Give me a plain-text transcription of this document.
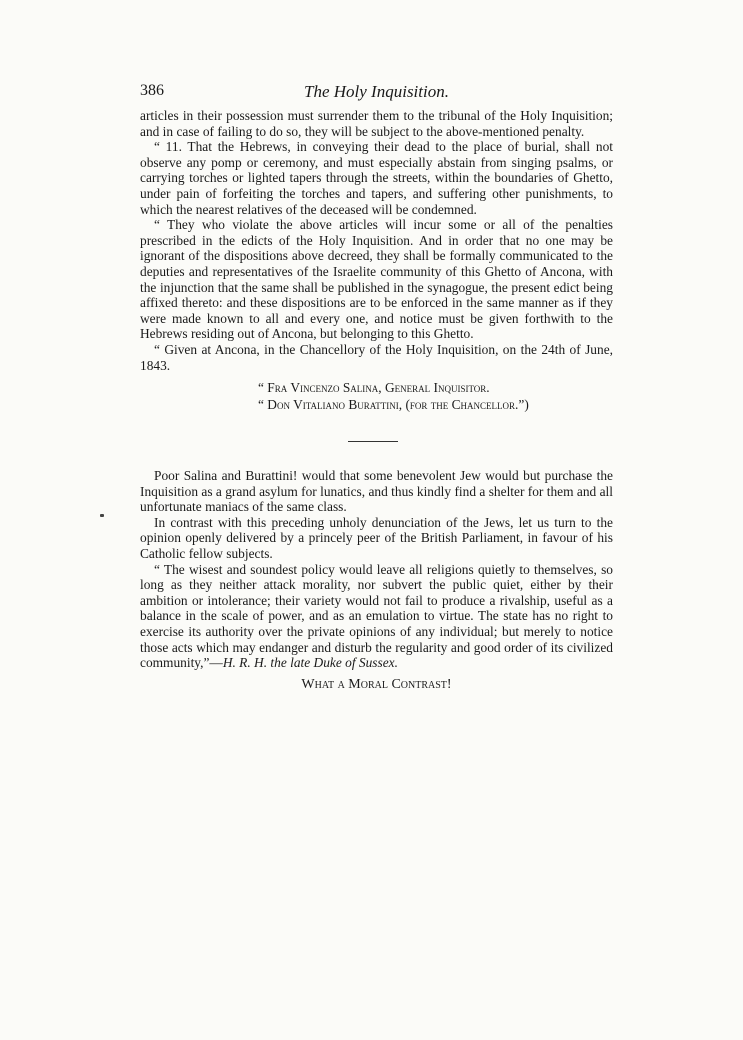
386	The Holy Inquisition.

articles in their possession must surrender them to the tribunal of the Holy Inquisition; and in case of failing to do so, they will be subject to the above-mentioned penalty.

“ 11. That the Hebrews, in conveying their dead to the place of burial, shall not observe any pomp or ceremony, and must especially abstain from singing psalms, or carrying torches or lighted tapers through the streets, within the boundaries of Ghetto, under pain of forfeiting the torches and tapers, and suffering other punishments, to which the nearest relatives of the deceased will be condemned.

“ They who violate the above articles will incur some or all of the penalties prescribed in the edicts of the Holy Inquisition. And in order that no one may be ignorant of the dispositions above decreed, they shall be formally communicated to the deputies and representatives of the Israelite community of this Ghetto of Ancona, with the injunction that the same shall be published in the synagogue, the present edict being affixed thereto: and these dispositions are to be enforced in the same manner as if they were made known to all and every one, and notice must be given forthwith to the Hebrews residing out of Ancona, but belonging to this Ghetto.

“ Given at Ancona, in the Chancellory of the Holy Inquisition, on the 24th of June, 1843.

“ Fra Vincenzo Salina, General Inquisitor.
“ Don Vitaliano Burattini, (for the Chancellor.”)

Poor Salina and Burattini! would that some benevolent Jew would but purchase the Inquisition as a grand asylum for lunatics, and thus kindly find a shelter for them and all unfortunate maniacs of the same class.

In contrast with this preceding unholy denunciation of the Jews, let us turn to the opinion openly delivered by a princely peer of the British Parliament, in favour of his Catholic fellow subjects.

“ The wisest and soundest policy would leave all religions quietly to themselves, so long as they neither attack morality, nor subvert the public quiet, either by their ambition or intolerance; their variety would not fail to produce a rivalship, useful as a balance in the scale of power, and as an emulation to virtue. The state has no right to exercise its authority over the private opinions of any individual; but merely to notice those acts which may endanger and disturb the regularity and good order of its civilized community,”—H. R. H. the late Duke of Sussex.

What a Moral Contrast!
